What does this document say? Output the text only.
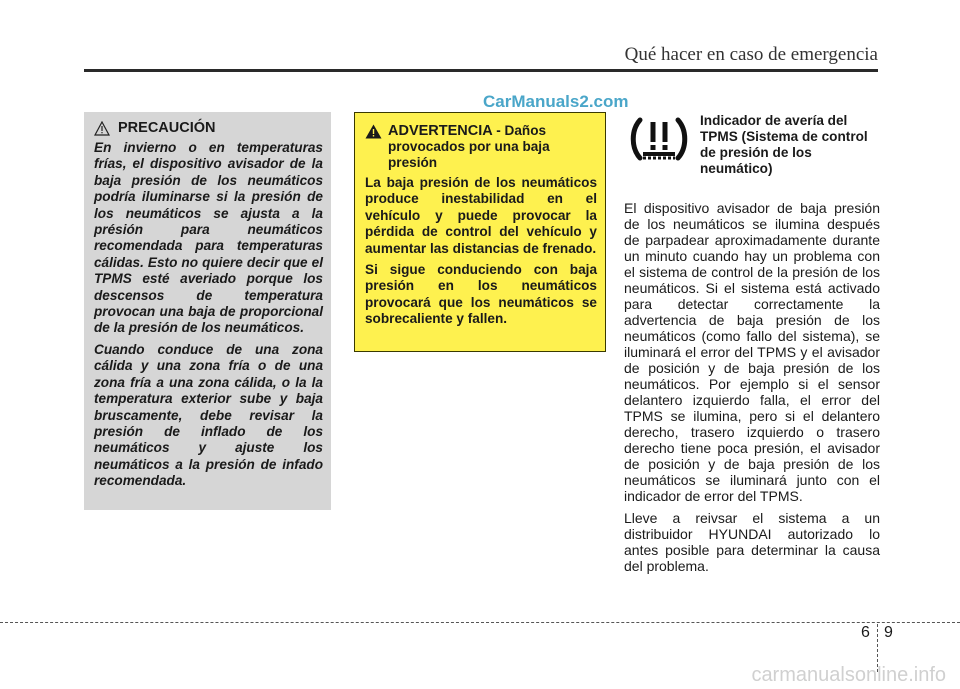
Qué hacer en caso de emergencia
CarManuals2.com
PRECAUCIÓN

En invierno o en temperaturas frías, el dispositivo avisador de la baja presión de los neumáticos podría iluminarse si la presión de los neumáticos se ajusta a la présión para neumáticos recomendada para temperaturas cálidas. Esto no quiere decir que el TPMS esté averiado porque los descensos de temperatura provocan una baja de proporcional de la presión de los neumáticos.

Cuando conduce de una zona cálida y una zona fría o de una zona fría a una zona cálida, o la la temperatura exterior sube y baja bruscamente, debe revisar la presión de inflado de los neumáticos y ajuste los neumáticos a la presión de infado recomendada.

ADVERTENCIA - Daños provocados por una baja presión

La baja presión de los neumáticos produce inestabilidad en el vehículo y puede provocar la pérdida de control del vehículo y aumentar las distancias de frenado.

Si sigue conduciendo con baja presión en los neumáticos provocará que los neumáticos se sobrecaliente y fallen.

Indicador de avería del TPMS (Sistema de control de presión de los neumático)

El dispositivo avisador de baja presión de los neumáticos se ilumina después de parpadear aproximadamente durante un minuto cuando hay un problema con el sistema de control de la presión de los neumáticos. Si el sistema está activado para detectar correctamente la advertencia de baja presión de los neumáticos (como fallo del sistema), se iluminará el error del TPMS y el avisador de posición y de baja presión de los neumáticos. Por ejemplo si el sensor delantero izquierdo falla, el error del TPMS se ilumina, pero si el delantero derecho, trasero izquierdo o trasero derecho tiene poca presión, el avisador de posición y de baja presión de los neumáticos se iluminará junto con el indicador de error del TPMS.

Lleve a reivsar el sistema a un distribuidor HYUNDAI autorizado lo antes posible para determinar la causa del problema.

6 9
carmanualsonline.info
